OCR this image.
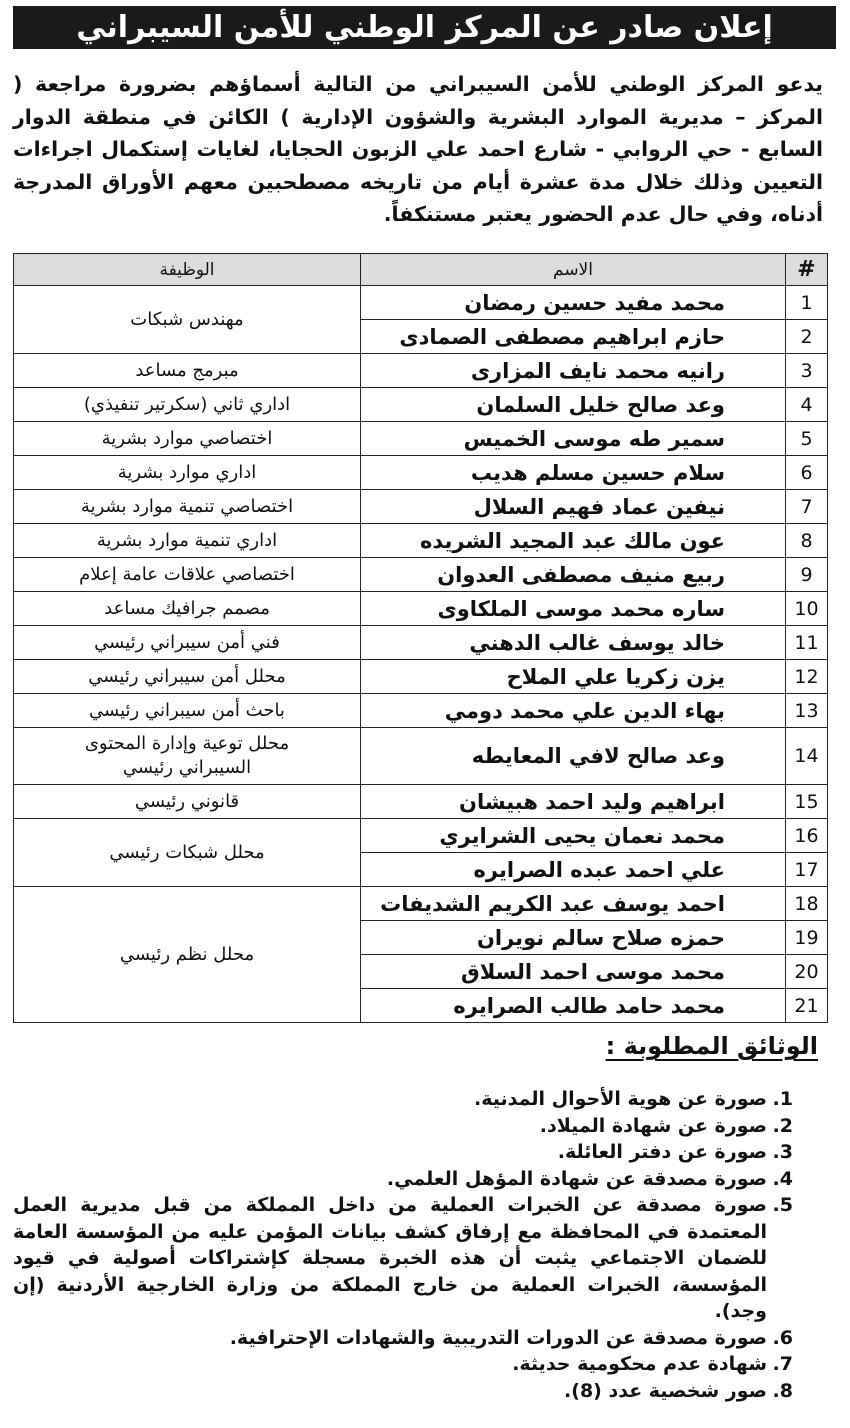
إعلان صادر عن المركز الوطني للأمن السيبراني

يدعو المركز الوطني للأمن السيبراني من التالية أسماؤهم بضرورة مراجعة ( المركز – مديرية الموارد البشرية والشؤون الإدارية ) الكائن في منطقة الدوار السابع - حي الروابي - شارع احمد علي الزبون الحجايا، لغايات إستكمال اجراءات التعيين وذلك خلال مدة عشرة أيام من تاريخه مصطحبين معهم الأوراق المدرجة أدناه، وفي حال عدم الحضور يعتبر مستنكفاً.

#	الاسم	الوظيفة
1	محمد مفيد حسين رمضان	مهندس شبكات
2	حازم ابراهيم مصطفى الصمادى	
3	رانيه محمد نايف المزارى	مبرمج مساعد
4	وعد صالح خليل السلمان	اداري ثاني (سكرتير تنفيذي)
5	سمير طه موسى الخميس	اختصاصي موارد بشرية
6	سلام حسين مسلم هديب	اداري موارد بشرية
7	نيفين عماد فهيم السلال	اختصاصي تنمية موارد بشرية
8	عون مالك عبد المجيد الشريده	اداري تنمية موارد بشرية
9	ربيع منيف مصطفى العدوان	اختصاصي علاقات عامة إعلام
10	ساره محمد موسى الملكاوى	مصمم جرافيك مساعد
11	خالد يوسف غالب الدهني	فني أمن سيبراني رئيسي
12	يزن زكريا علي الملاح	محلل أمن سيبراني رئيسي
13	بهاء الدين علي محمد دومي	باحث أمن سيبراني رئيسي
14	وعد صالح لافي المعايطه	محلل توعية وإدارة المحتوى السيبراني رئيسي
15	ابراهيم وليد احمد هبيشان	قانوني رئيسي
16	محمد نعمان يحيى الشرايري	محلل شبكات رئيسي
17	علي احمد عبده الصرايره	
18	احمد يوسف عبد الكريم الشديفات	محلل نظم رئيسي
19	حمزه صلاح سالم نويران	
20	محمد موسى احمد السلاق	
21	محمد حامد طالب الصرايره	
الوثائق المطلوبة :
1.
صورة عن هوية الأحوال المدنية.
2.
صورة عن شهادة الميلاد.
3.
صورة عن دفتر العائلة.
4.
صورة مصدقة عن شهادة المؤهل العلمي.
5.
صورة مصدقة عن الخبرات العملية من داخل المملكة من قبل مديرية العمل المعتمدة في المحافظة مع إرفاق كشف بيانات المؤمن عليه من المؤسسة العامة للضمان الاجتماعي يثبت أن هذه الخبرة مسجلة كإشتراكات أصولية في قيود المؤسسة، الخبرات العملية من خارج المملكة من وزارة الخارجية الأردنية (إن وجد).
6.
صورة مصدقة عن الدورات التدريبية والشهادات الإحترافية.
7.
شهادة عدم محكومية حديثة.
8.
صور شخصية عدد (8).
